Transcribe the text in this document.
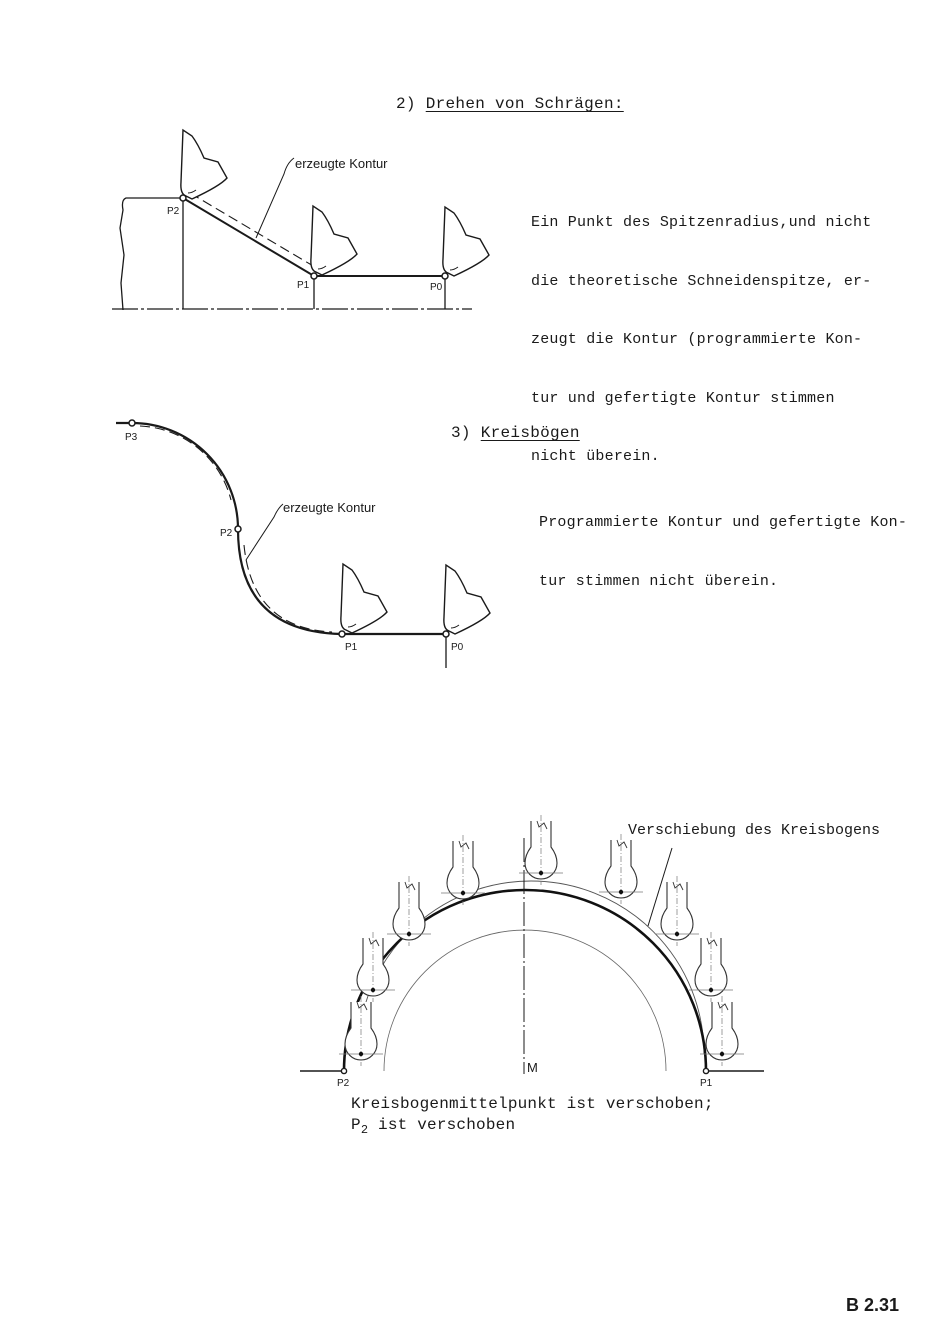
2) Drehen von Schrägen:

Ein Punkt des Spitzenradius,und nicht

die theoretische Schneidenspitze, er-

zeugt die Kontur (programmierte Kon-

tur und gefertigte Kontur stimmen

nicht überein.

3) Kreisbögen

Programmierte Kontur und gefertigte Kon-

tur stimmen nicht überein.

Verschiebung des Kreisbogens
Kreisbogenmittelpunkt ist verschoben;
$P_2$ ist verschoben
B 2.31
erzeugte Kontur
P2
P1	P0
erzeugte Kontur
P3
P2
P1	P0
M
P2	P1
